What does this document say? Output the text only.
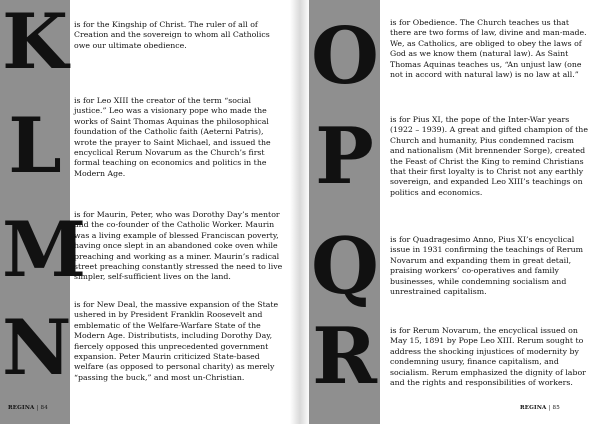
K is for the Kingship of Christ. The ruler of all of Creation and the sovereign to whom all Catholics owe our ultimate obedience.
L
is for Leo XIII the creator of the term “social justice.” Leo was a visionary pope who made the works of Saint Thomas Aquinas the philosophical foundation of the Catholic faith (Aeterni Patris), wrote the prayer to Saint Michael, and issued the encyclical Rerum Novarum as the Church’s first formal teaching on economics and politics in the Modern Age.
M
is for Maurin, Peter, who was Dorothy Day’s mentor and the co-founder of the Catholic Worker. Maurin was a living example of blessed Franciscan poverty, having once slept in an abandoned coke oven while preaching and working as a miner. Maurin’s radical street preaching constantly stressed the need to live simpler, self-sufficient lives on the land.
N is for New Deal, the massive expansion of the State ushered in by President Franklin Roosevelt and emblematic of the Welfare-Warfare State of the Modern Age. Distributists, including Dorothy Day, fiercely opposed this unprecedented government expansion. Peter Maurin criticized State-based welfare (as opposed to personal charity) as merely “passing the buck,” and most un-Christian.
REGINA | 84
O is for Obedience. The Church teaches us that there are two forms of law, divine and man-made. We, as Catholics, are obliged to obey the laws of God as we know them (natural law). As Saint Thomas Aquinas teaches us, “An unjust law (one not in accord with natural law) is no law at all.”
P	is for Pius XI, the pope of the Inter-War years (1922 – 1939). A great and gifted champion of the Church and humanity, Pius condemned racism and nationalism (Mit brennender Sorge), created the Feast of Christ the King to remind Christians that their first loyalty is to Christ not any earthly sovereign, and expanded Leo XIII’s teachings on politics and economics.
Q is for Quadragesimo Anno, Pius XI’s encyclical issue in 1931 confirming the teachings of Rerum Novarum and expanding them in great detail, praising workers’ co-operatives and family businesses, while condemning socialism and unrestrained capitalism.
R is for Rerum Novarum, the encyclical issued on May 15, 1891 by Pope Leo XIII. Rerum sought to address the shocking injustices of modernity by condemning usury, finance capitalism, and socialism. Rerum emphasized the dignity of labor and the rights and responsibilities of workers.
REGINA | 85
